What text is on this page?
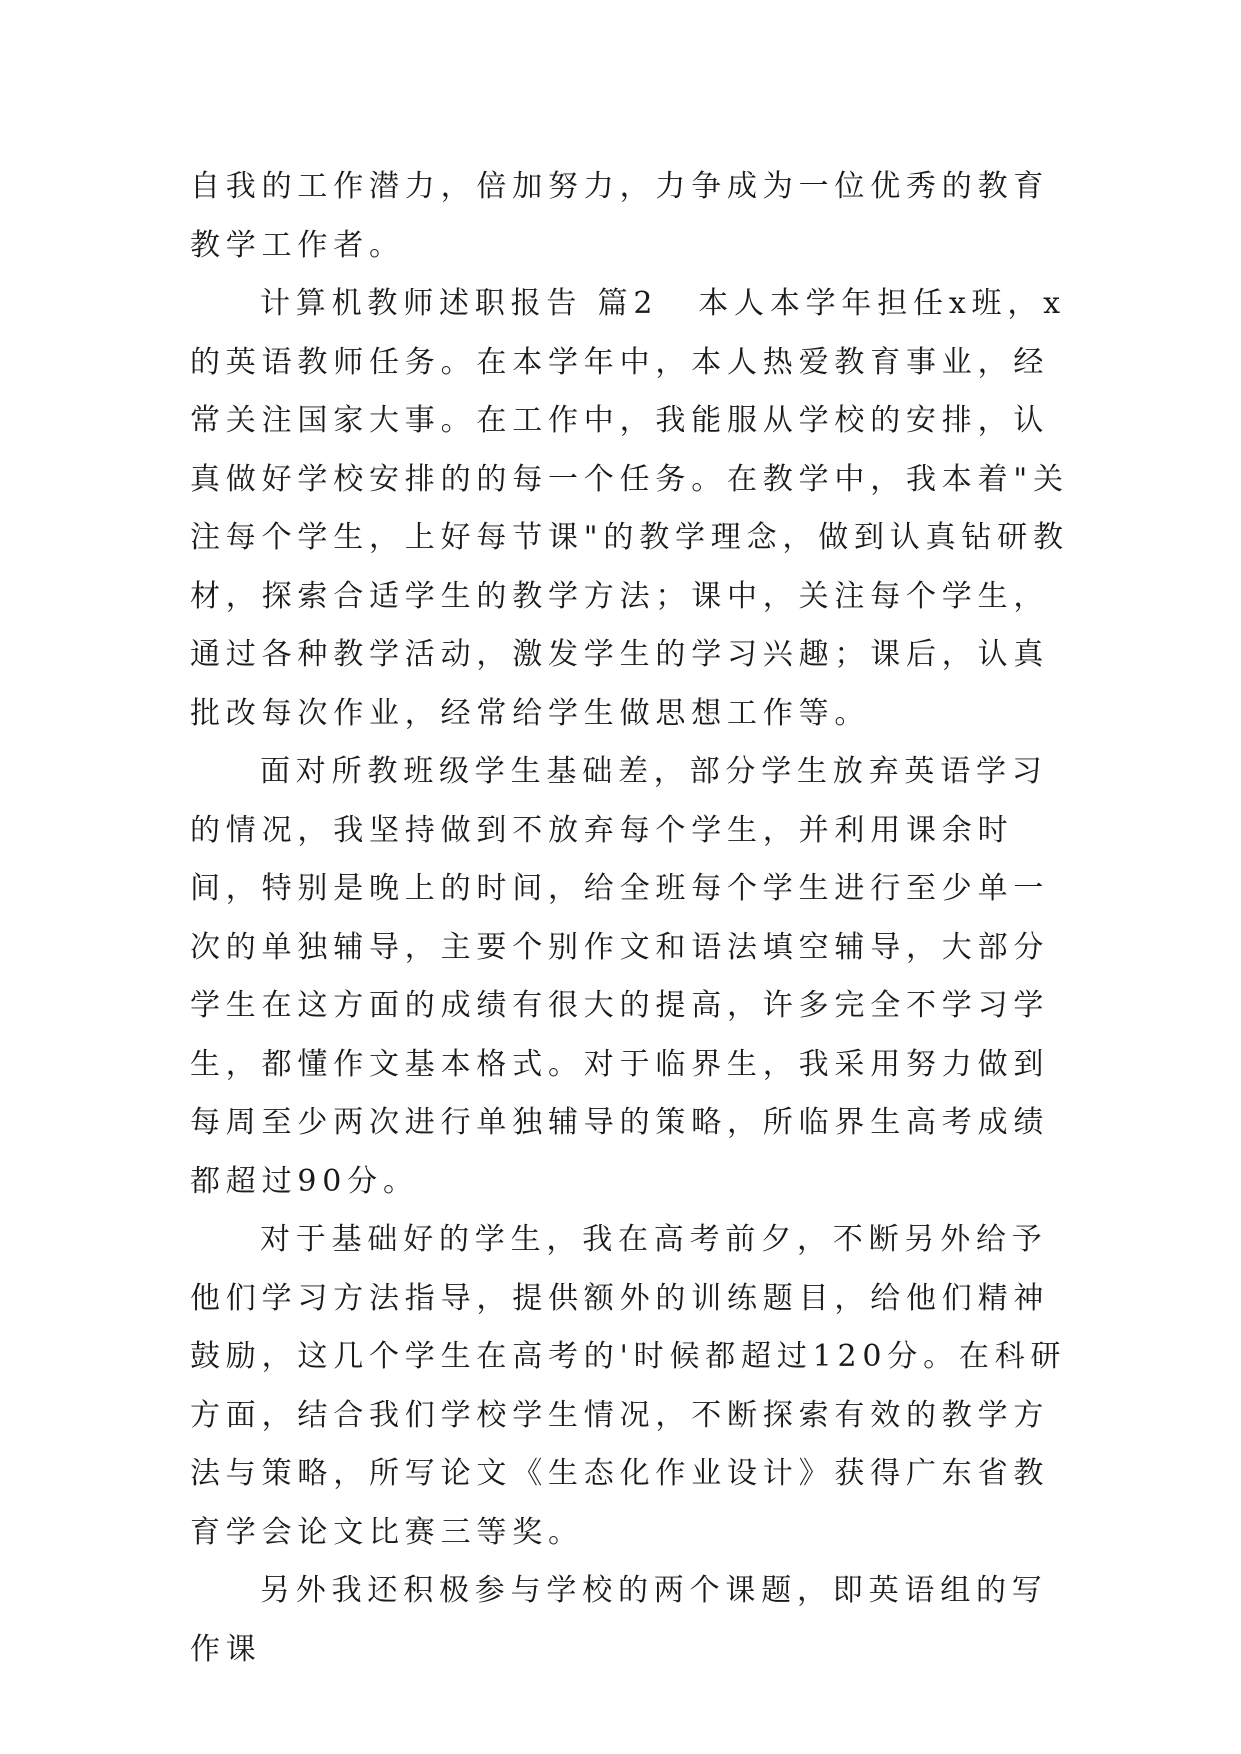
自我的工作潜力，倍加努力，力争成为一位优秀的教育教学工作者。

计算机教师述职报告 篇2 本人本学年担任x班，x的英语教师任务。在本学年中，本人热爱教育事业，经常关注国家大事。在工作中，我能服从学校的安排，认真做好学校安排的的每一个任务。在教学中，我本着"关注每个学生，上好每节课"的教学理念，做到认真钻研教材，探索合适学生的教学方法；课中，关注每个学生，通过各种教学活动，激发学生的学习兴趣；课后，认真批改每次作业，经常给学生做思想工作等。

面对所教班级学生基础差，部分学生放弃英语学习的情况，我坚持做到不放弃每个学生，并利用课余时间，特别是晚上的时间，给全班每个学生进行至少单一次的单独辅导，主要个别作文和语法填空辅导，大部分学生在这方面的成绩有很大的提高，许多完全不学习学生，都懂作文基本格式。对于临界生，我采用努力做到每周至少两次进行单独辅导的策略，所临界生高考成绩都超过90分。

对于基础好的学生，我在高考前夕，不断另外给予他们学习方法指导，提供额外的训练题目，给他们精神鼓励，这几个学生在高考的'时候都超过120分。在科研方面，结合我们学校学生情况，不断探索有效的教学方法与策略，所写论文《生态化作业设计》获得广东省教育学会论文比赛三等奖。

另外我还积极参与学校的两个课题，即英语组的写作课
